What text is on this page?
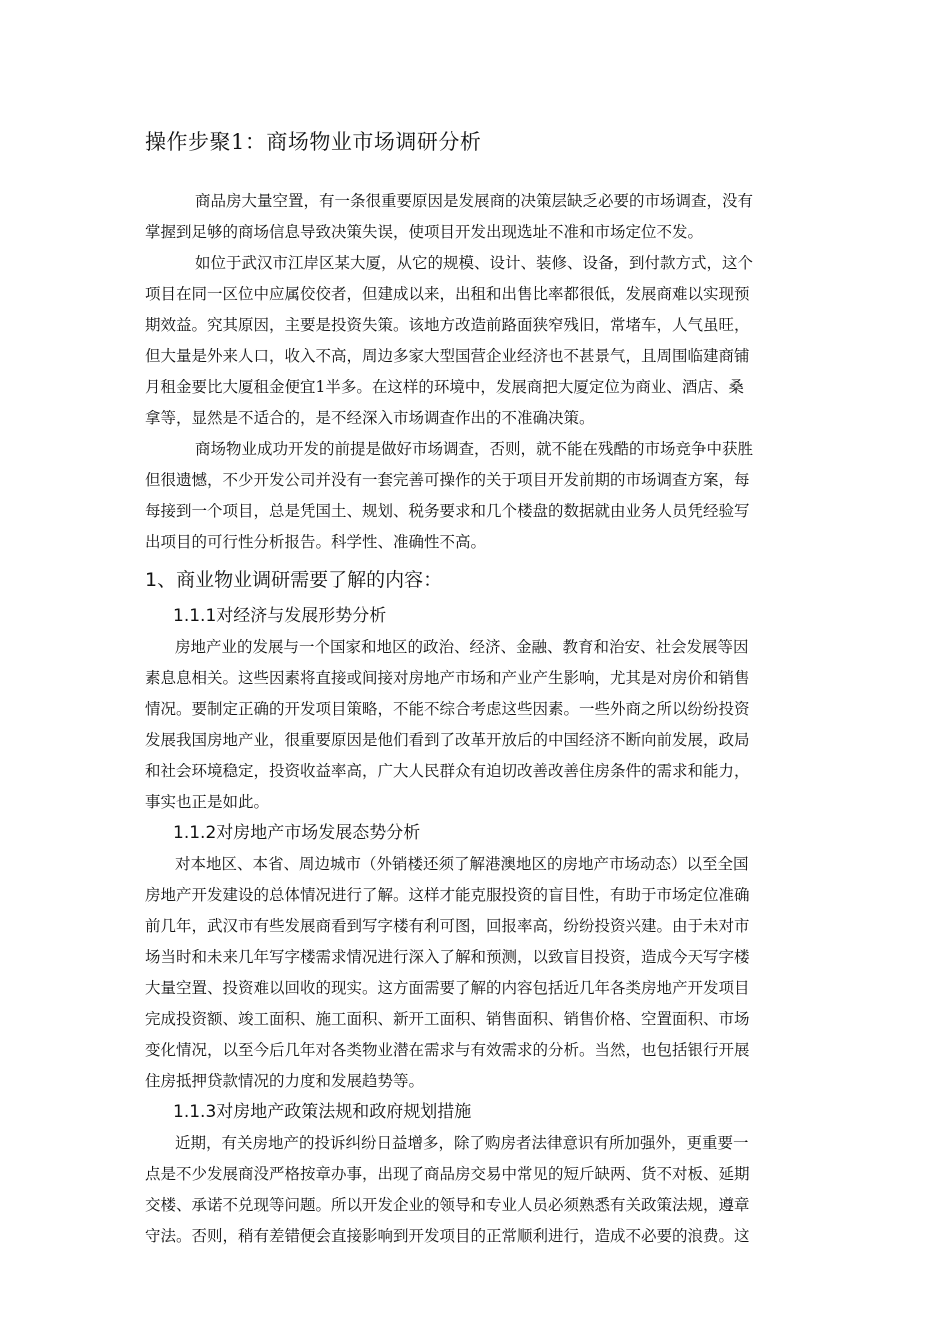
操作步聚1：商场物业市场调研分析
商品房大量空置，有一条很重要原因是发展商的决策层缺乏必要的市场调查，没有
掌握到足够的商场信息导致决策失误，使项目开发出现选址不准和市场定位不发。
如位于武汉市江岸区某大厦，从它的规模、设计、装修、设备，到付款方式，这个
项目在同一区位中应属佼佼者，但建成以来，出租和出售比率都很低，发展商难以实现预
期效益。究其原因，主要是投资失策。该地方改造前路面狭窄残旧，常堵车，人气虽旺，
但大量是外来人口，收入不高，周边多家大型国营企业经济也不甚景气，且周围临建商铺
月租金要比大厦租金便宜1半多。在这样的环境中，发展商把大厦定位为商业、酒店、桑
拿等，显然是不适合的，是不经深入市场调查作出的不准确决策。
商场物业成功开发的前提是做好市场调查，否则，就不能在残酷的市场竞争中获胜
但很遗憾，不少开发公司并没有一套完善可操作的关于项目开发前期的市场调查方案，每
每接到一个项目，总是凭国土、规划、税务要求和几个楼盘的数据就由业务人员凭经验写
出项目的可行性分析报告。科学性、准确性不高。
1、商业物业调研需要了解的内容：
1.1.1对经济与发展形势分析
房地产业的发展与一个国家和地区的政治、经济、金融、教育和治安、社会发展等因
素息息相关。这些因素将直接或间接对房地产市场和产业产生影响，尤其是对房价和销售
情况。要制定正确的开发项目策略，不能不综合考虑这些因素。一些外商之所以纷纷投资
发展我国房地产业，很重要原因是他们看到了改革开放后的中国经济不断向前发展，政局
和社会环境稳定，投资收益率高，广大人民群众有迫切改善改善住房条件的需求和能力，
事实也正是如此。
1.1.2对房地产市场发展态势分析
对本地区、本省、周边城市（外销楼还须了解港澳地区的房地产市场动态）以至全国
房地产开发建设的总体情况进行了解。这样才能克服投资的盲目性，有助于市场定位准确
前几年，武汉市有些发展商看到写字楼有利可图，回报率高，纷纷投资兴建。由于未对市
场当时和未来几年写字楼需求情况进行深入了解和预测，以致盲目投资，造成今天写字楼
大量空置、投资难以回收的现实。这方面需要了解的内容包括近几年各类房地产开发项目
完成投资额、竣工面积、施工面积、新开工面积、销售面积、销售价格、空置面积、市场
变化情况，以至今后几年对各类物业潜在需求与有效需求的分析。当然，也包括银行开展
住房抵押贷款情况的力度和发展趋势等。
1.1.3对房地产政策法规和政府规划措施
近期，有关房地产的投诉纠纷日益增多，除了购房者法律意识有所加强外，更重要一
点是不少发展商没严格按章办事，出现了商品房交易中常见的短斤缺两、货不对板、延期
交楼、承诺不兑现等问题。所以开发企业的领导和专业人员必须熟悉有关政策法规，遵章
守法。否则，稍有差错便会直接影响到开发项目的正常顺利进行，造成不必要的浪费。这
